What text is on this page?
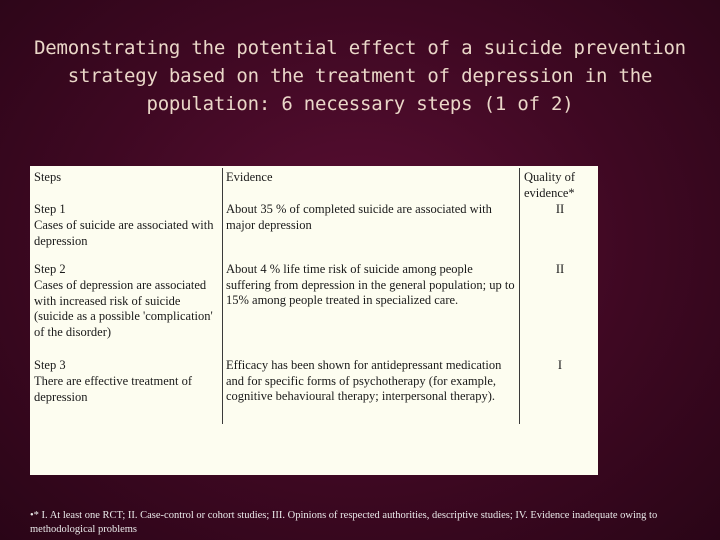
Demonstrating the potential effect of a suicide prevention strategy based on the treatment of depression in the population: 6 necessary steps (1 of 2)
Steps	Evidence	Quality of evidence*
Step 1
Cases of suicide are associated with depression
About 35 % of completed suicide are associated with major depression
II
Step 2
Cases of depression are associated with increased risk of suicide (suicide as a possible 'complication' of the disorder)
About 4 % life time risk of suicide among people suffering from depression in the general population; up to 15% among people treated in specialized care.
II
Step 3
There are effective treatment of depression
Efficacy has been shown for antidepressant medication and for specific forms of psychotherapy (for example, cognitive behavioural therapy; interpersonal therapy).
I
•* I. At least one RCT; II. Case-control or cohort studies; III. Opinions of respected authorities, descriptive studies; IV. Evidence inadequate owing to methodological problems
